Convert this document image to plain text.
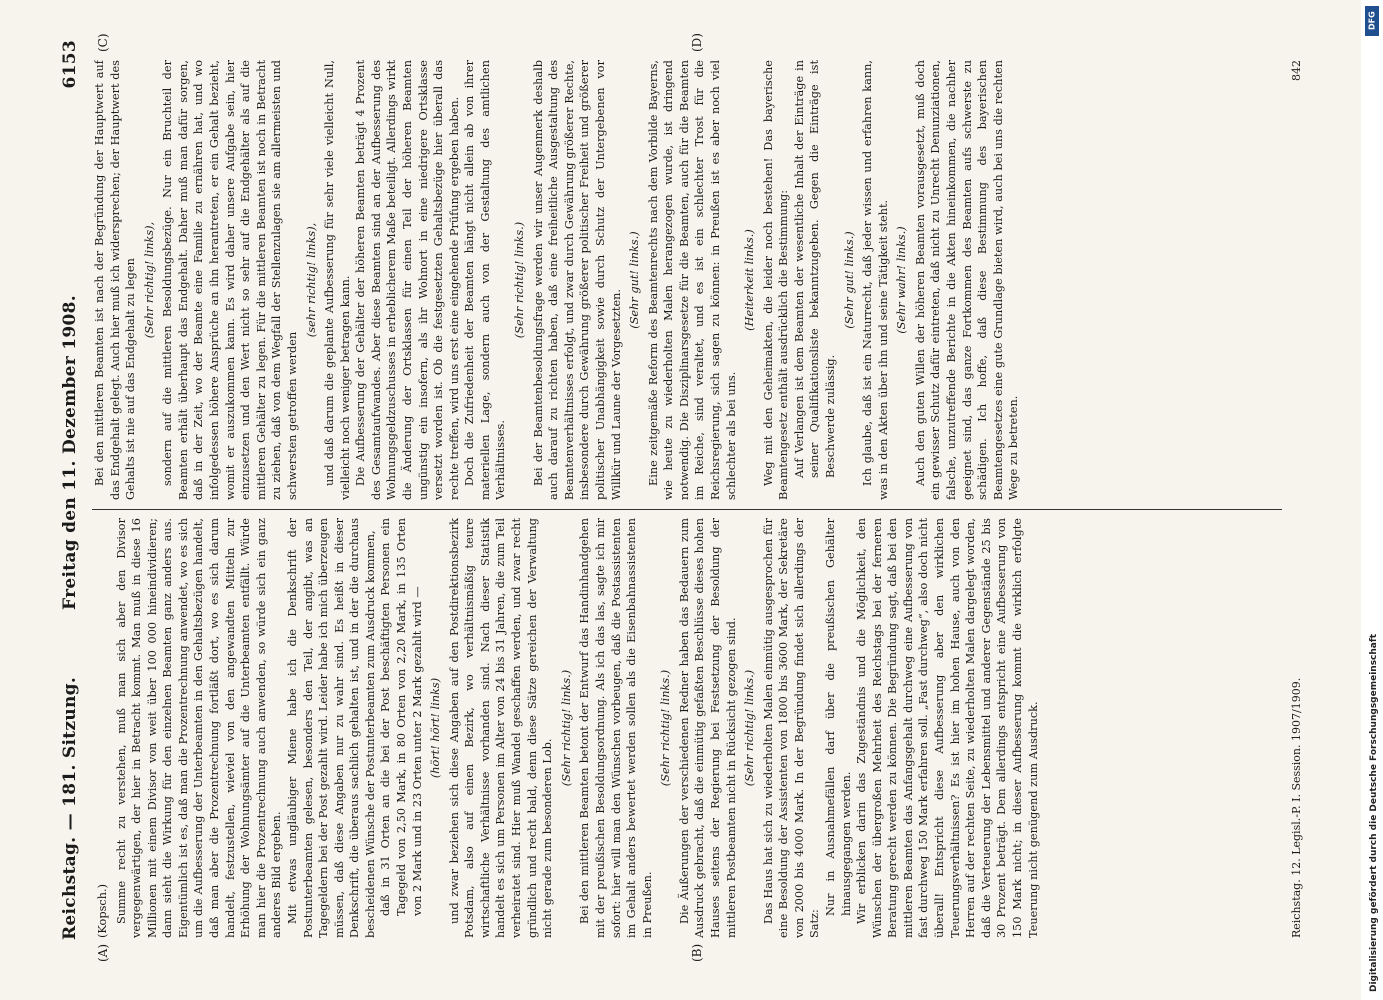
Reichstag. — 181. Sitzung.
Freitag den 11. Dezember 1908.
6153
(A)	(B)
(C)	(D)

(Kopsch.) Summe recht zu verstehen, muß man sich aber den Divisor vergegenwärtigen, der hier in Betracht kommt. Man muß in diese 16 Millionen mit einem Divisor von weit über 100 000 hineindividieren; dann sieht die Wirkung für den einzelnen Beamten ganz anders aus. Eigentümlich ist es, daß man die Prozentrechnung anwendet, wo es sich um die Aufbesserung der Unterbeamten in den Gehaltsbezügen handelt, daß man aber die Prozentrechnung fortläßt dort, wo es sich darum handelt, festzustellen, wieviel von den angewandten Mitteln zur Erhöhung der Wohnungsämter auf die Unterbeamten entfällt. Würde man hier die Prozentrechnung auch anwenden, so würde sich ein ganz anderes Bild ergeben. Mit etwas ungläubiger Miene habe ich die Denkschrift der Postunterbeamten gelesen, besonders den Teil, der angibt, was an Tagegeldern bei der Post gezahlt wird. Leider habe ich mich überzeugen müssen, daß diese Angaben nur zu wahr sind. Es heißt in dieser Denkschrift, die überaus sachlich gehalten ist, und in der die durchaus bescheidenen Wünsche der Postunterbeamten zum Ausdruck kommen, daß in 31 Orten an die bei der Post beschäftigten Personen ein Tagegeld von 2,50 Mark, in 80 Orten von 2,20 Mark, in 135 Orten von 2 Mark und in 23 Orten unter 2 Mark gezahlt wird — (hört! hört! links) und zwar beziehen sich diese Angaben auf den Postdirektionsbezirk Potsdam, also auf einen Bezirk, wo verhältnismäßig teure wirtschaftliche Verhältnisse vorhanden sind. Nach dieser Statistik handelt es sich um Personen im Alter von 24 bis 31 Jahren, die zum Teil verheiratet sind. Hier muß Wandel geschaffen werden, und zwar recht gründlich und recht bald, denn diese Sätze gereichen der Verwaltung nicht gerade zum besonderen Lob.

(Sehr richtig! links.) Bei den mittleren Beamten betont der Entwurf das Handinhandgehen mit der preußischen Besoldungsordnung. Als ich das las, sagte ich mir sofort: hier will man den Wünschen vorbeugen, daß die Postassistenten im Gehalt anders bewertet werden sollen als die Eisenbahnassistenten in Preußen.

(Sehr richtig! links.) Die Äußerungen der verschiedenen Redner haben das Bedauern zum Ausdruck gebracht, daß die einmütig gefaßten Beschlüsse dieses hohen Hauses seitens der Regierung bei Festsetzung der Besoldung der mittleren Postbeamten nicht in Rücksicht gezogen sind. (Sehr richtig! links.) Das Haus hat sich zu wiederholten Malen einmütig ausgesprochen für eine Besoldung der Assistenten von 1800 bis 3600 Mark, der Sekretäre von 2000 bis 4000 Mark. In der Begründung findet sich allerdings der Satz:

Nur in Ausnahmefällen darf über die preußischen Gehälter hinausgegangen werden. Wir erblicken darin das Zugeständnis und die Möglichkeit, den Wünschen der übergroßen Mehrheit des Reichstags bei der ferneren Beratung gerecht werden zu können. Die Begründung sagt, daß bei den mittleren Beamten das Anfangsgehalt durchweg eine Aufbesserung von fast durchweg 150 Mark erfahren soll. „Fast durchweg“, also doch nicht überall! Entspricht diese Aufbesserung aber den wirklichen Teuerungsverhältnissen? Es ist hier im hohen Hause, auch von den Herren auf der rechten Seite, zu wiederholten Malen dargelegt worden, daß die Verteuerung der Lebensmittel und anderer Gegenstände 25 bis 30 Prozent beträgt. Dem allerdings entspricht eine Aufbesserung von 150 Mark nicht; in dieser Aufbesserung kommt die wirklich erfolgte Teuerung nicht genügend zum Ausdruck.

Bei den mittleren Beamten ist nach der Begründung der Hauptwert auf das Endgehalt gelegt. Auch hier muß ich widersprechen; der Hauptwert des Gehalts ist nie auf das Endgehalt zu legen (Sehr richtig! links), sondern auf die mittleren Besoldungsbezüge. Nur ein Bruchteil der Beamten erhält überhaupt das Endgehalt. Daher muß man dafür sorgen, daß in der Zeit, wo der Beamte eine Familie zu ernähren hat, und wo infolgedessen höhere Ansprüche an ihn herantreten, er ein Gehalt bezieht, womit er auszukommen kann. Es wird daher unsere Aufgabe sein, hier einzusetzen und den Wert nicht so sehr auf die Endgehälter als auf die mittleren Gehälter zu legen. Für die mittleren Beamten ist noch in Betracht zu ziehen, daß von dem Wegfall der Stellenzulagen sie am allermeisten und schwersten getroffen werden

(sehr richtig! links), und daß darum die geplante Aufbesserung für sehr viele vielleicht Null, vielleicht noch weniger betragen kann. Die Aufbesserung der Gehälter der höheren Beamten beträgt 4 Prozent des Gesamtaufwandes. Aber diese Beamten sind an der Aufbesserung des Wohnungsgeldzuschusses in erheblicherem Maße beteiligt. Allerdings wirkt die Änderung der Ortsklassen für einen Teil der höheren Beamten ungünstig ein insofern, als ihr Wohnort in eine niedrigere Ortsklasse versetzt worden ist. Ob die festgesetzten Gehaltsbezüge hier überall das rechte treffen, wird uns erst eine eingehende Prüfung ergeben haben. Doch die Zufriedenheit der Beamten hängt nicht allein ab von ihrer materiellen Lage, sondern auch von der Gestaltung des amtlichen Verhältnisses.

(Sehr richtig! links.) Bei der Beamtenbesoldungsfrage werden wir unser Augenmerk deshalb auch darauf zu richten haben, daß eine freiheitliche Ausgestaltung des Beamtenverhältnisses erfolgt, und zwar durch Gewährung größerer Rechte, insbesondere durch Gewährung größerer politischer Freiheit und größerer politischer Unabhängigkeit sowie durch Schutz der Untergebenen vor Willkür und Laune der Vorgesetzten.

(Sehr gut! links.) Eine zeitgemäße Reform des Beamtenrechts nach dem Vorbilde Bayerns, wie heute zu wiederholten Malen herangezogen wurde, ist dringend notwendig. Die Disziplinarsgesetze für die Beamten, auch für die Beamten im Reiche, sind veraltet, und es ist ein schlechter Trost für die Reichsregierung, sich sagen zu können: in Preußen ist es aber noch viel schlechter als bei uns.

(Heiterkeit links.) Weg mit den Geheimakten, die leider noch bestehen! Das bayerische Beamtengesetz enthält ausdrücklich die Bestimmung: Auf Verlangen ist dem Beamten der wesentliche Inhalt der Einträge in seiner Qualifikationsliste bekanntzugeben. Gegen die Einträge ist Beschwerde zulässig.

(Sehr gut! links.) Ich glaube, daß ist ein Naturrecht, daß jeder wissen und erfahren kann, was in den Akten über ihn und seine Tätigkeit steht. (Sehr wahr! links.) Auch den guten Willen der höheren Beamten vorausgesetzt, muß doch ein gewisser Schutz dafür eintreten, daß nicht zu Unrecht Denunziationen, falsche, unzutreffende Berichte in die Akten hineinkommen, die nachher geeignet sind, das ganze Fortkommen des Beamten aufs schwerste zu schädigen. Ich hoffe, daß diese Bestimmung des bayerischen Beamtengesetzes eine gute Grundlage bieten wird, auch bei uns die rechten Wege zu betreten.

Reichstag. 12. Legisl.-P. I. Session. 1907/1909.
842
DFG
Digitalisierung gefördert durch die Deutsche Forschungsgemeinschaft
